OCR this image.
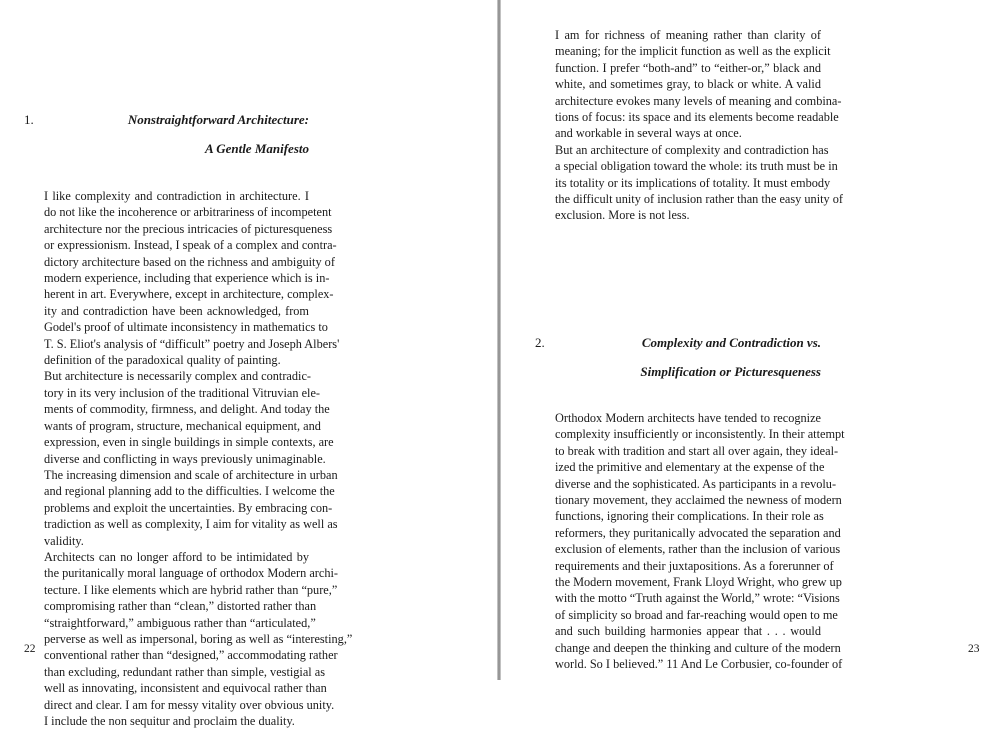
1.	Nonstraightforward Architecture:
A Gentle Manifesto

I like complexity and contradiction in architecture. I
do not like the incoherence or arbitrariness of incompetent
architecture nor the precious intricacies of picturesqueness
or expressionism. Instead, I speak of a complex and contra-
dictory architecture based on the richness and ambiguity of
modern experience, including that experience which is in-
herent in art. Everywhere, except in architecture, complex-
ity and contradiction have been acknowledged, from
Godel's proof of ultimate inconsistency in mathematics to
T. S. Eliot's analysis of “difficult” poetry and Joseph Albers'
definition of the paradoxical quality of painting.

But architecture is necessarily complex and contradic-
tory in its very inclusion of the traditional Vitruvian ele-
ments of commodity, firmness, and delight. And today the
wants of program, structure, mechanical equipment, and
expression, even in single buildings in simple contexts, are
diverse and conflicting in ways previously unimaginable.
The increasing dimension and scale of architecture in urban
and regional planning add to the difficulties. I welcome the
problems and exploit the uncertainties. By embracing con-
tradiction as well as complexity, I aim for vitality as well as
validity.

Architects can no longer afford to be intimidated by
the puritanically moral language of orthodox Modern archi-
tecture. I like elements which are hybrid rather than “pure,”
compromising rather than “clean,” distorted rather than
“straightforward,” ambiguous rather than “articulated,”
perverse as well as impersonal, boring as well as “interesting,”
conventional rather than “designed,” accommodating rather
than excluding, redundant rather than simple, vestigial as
well as innovating, inconsistent and equivocal rather than
direct and clear. I am for messy vitality over obvious unity.
I include the non sequitur and proclaim the duality.

22

I am for richness of meaning rather than clarity of
meaning; for the implicit function as well as the explicit
function. I prefer “both-and” to “either-or,” black and
white, and sometimes gray, to black or white. A valid
architecture evokes many levels of meaning and combina-
tions of focus: its space and its elements become readable
and workable in several ways at once.

But an architecture of complexity and contradiction has
a special obligation toward the whole: its truth must be in
its totality or its implications of totality. It must embody
the difficult unity of inclusion rather than the easy unity of
exclusion. More is not less.

2.	Complexity and Contradiction vs.
Simplification or Picturesqueness

Orthodox Modern architects have tended to recognize
complexity insufficiently or inconsistently. In their attempt
to break with tradition and start all over again, they ideal-
ized the primitive and elementary at the expense of the
diverse and the sophisticated. As participants in a revolu-
tionary movement, they acclaimed the newness of modern
functions, ignoring their complications. In their role as
reformers, they puritanically advocated the separation and
exclusion of elements, rather than the inclusion of various
requirements and their juxtapositions. As a forerunner of
the Modern movement, Frank Lloyd Wright, who grew up
with the motto “Truth against the World,” wrote: “Visions
of simplicity so broad and far-reaching would open to me
and such building harmonies appear that . . . would
change and deepen the thinking and culture of the modern
world. So I believed.” 11 And Le Corbusier, co-founder of

23
